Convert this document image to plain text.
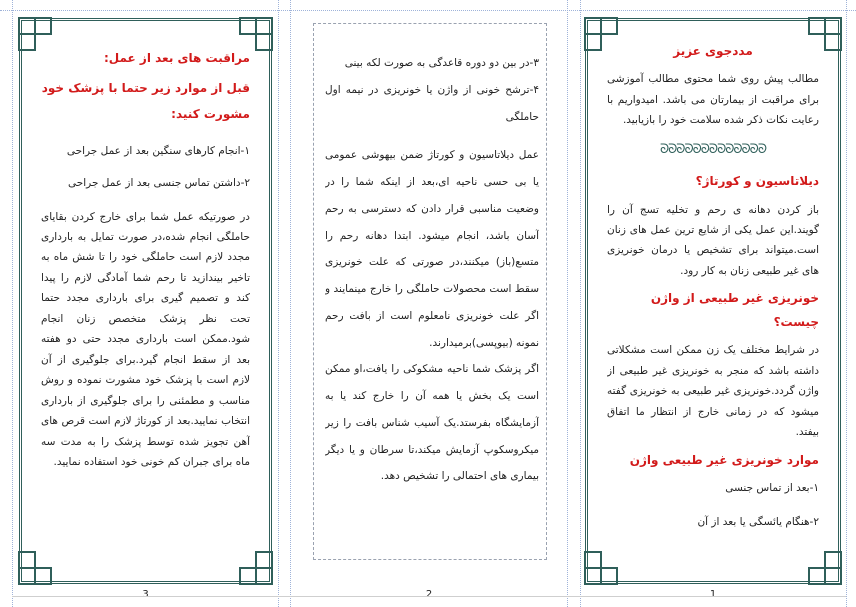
مراقبت های بعد از عمل:

قبل از موارد زیر حتما با پزشک خود مشورت کنید:

۱-انجام کارهای سنگین بعد از عمل جراحی

۲-داشتن تماس جنسی بعد از عمل جراحی

در صورتیکه عمل شما برای خارج کردن بقایای حاملگی انجام شده،در صورت تمایل به بارداری مجدد لازم است حاملگی خود را تا شش ماه به تاخیر بیندازید تا رحم شما آمادگی لازم را پیدا کند و تصمیم گیری برای بارداری مجدد حتما تحت نظر پزشک متخصص زنان انجام شود.ممکن است بارداری مجدد حتی دو هفته بعد از سقط انجام گیرد.برای جلوگیری از آن لازم است با پزشک خود مشورت نموده و روش مناسب و مطمئنی را برای جلوگیری از بارداری انتخاب نمایید.بعد از کورتاژ لازم است قرص های آهن تجویز شده توسط پزشک را به مدت سه ماه برای جبران کم خونی خود استفاده نمایید.

3

۳-در بین دو دوره قاعدگی به صورت لکه بینی

۴-ترشح خونی از واژن یا خونریزی در نیمه اول حاملگی

عمل دیلاتاسیون و کورتاژ ضمن بیهوشی عمومی یا بی حسی ناحیه ای،بعد از اینکه شما را در وضعیت مناسبی قرار دادن که دسترسی به رحم آسان باشد، انجام میشود. ابتدا دهانه رحم را متسع(باز) میکنند،در صورتی که علت خونریزی سقط است محصولات حاملگی را خارج مینمایند و اگر علت خونریزی نامعلوم است از بافت رحم نمونه (بیوپسی)برمیدارند.

اگر پزشک شما ناحیه مشکوکی را یافت،او ممکن است یک بخش یا همه آن را خارج کند یا به آزمایشگاه بفرستد.یک آسیب شناس بافت را زیر میکروسکوپ آزمایش میکند،تا سرطان و یا دیگر بیماری های احتمالی را تشخیص دهد.

2

مددجوی عزیز

مطالب پیش روی شما محتوی مطالب آموزشی برای مراقبت از بیمارتان می باشد. امیدواریم با رعایت نکات ذکر شده سلامت خود را بازیابید.

ᘐᘐᘐᘐᘐᘐᘐᘐᘐᘐᘐᘐᘐ

دیلاتاسیون و کورتاژ؟

باز کردن دهانه ی رحم و تخلیه تسج آن را گویند.این عمل یکی از شایع ترین عمل های زنان است.میتواند برای تشخیص یا درمان خونریزی های غیر طبیعی زنان به کار رود.

خونریزی غیر طبیعی از واژن چیست؟

در شرایط مختلف یک زن ممکن است مشکلاتی داشته باشد که منجر به خونریزی غیر طبیعی از واژن گردد.خونریزی غیر طبیعی به خونریزی گفته میشود که در زمانی خارج از انتظار ما اتفاق بیفتد.

موارد خونریزی غیر طبیعی واژن

۱-بعد از تماس جنسی

۲-هنگام یائسگی یا بعد از آن

1
